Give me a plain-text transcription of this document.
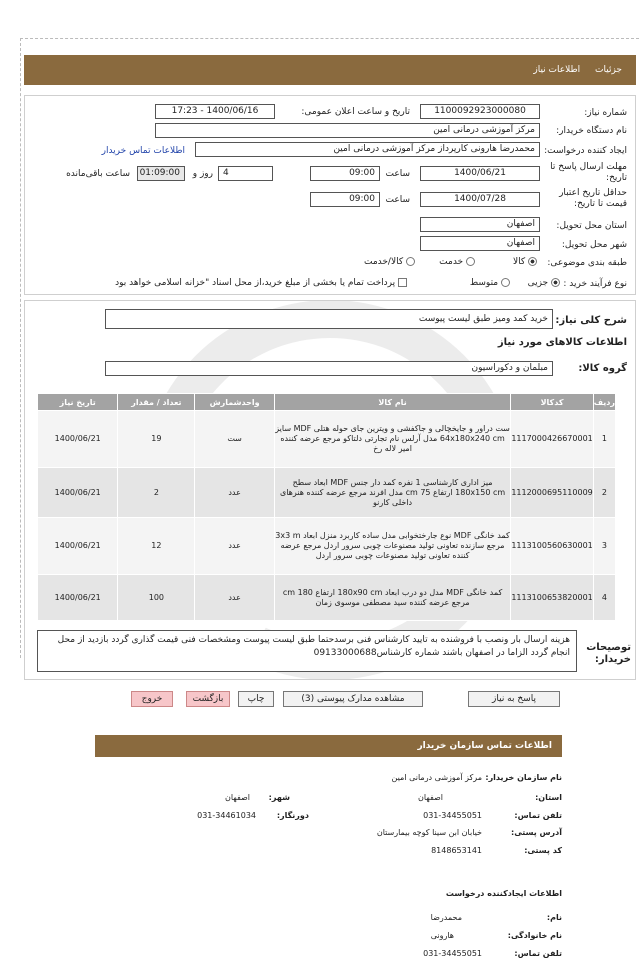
جزئیات اطلاعات نیاز
شماره نیاز:
1100092923000080
تاریخ و ساعت اعلان عمومی:
1400/06/16 - 17:23
نام دستگاه خریدار:
مرکز آموزشی درمانی امین
ایجاد کننده درخواست:
محمدرضا هارونی کارپرداز مرکز آموزشی درمانی امین
اطلاعات تماس خریدار
مهلت ارسال پاسخ تا تاریخ:
1400/06/21
ساعت
09:00
4
روز و
01:09:00
ساعت باقی‌مانده
حداقل تاریخ اعتبار قیمت تا تاریخ:
1400/07/28
ساعت
09:00
استان محل تحویل:
اصفهان
شهر محل تحویل:
اصفهان
طبقه بندی موضوعی:
کالا
خدمت
کالا/خدمت
نوع فرآیند خرید :
جزیی
متوسط
پرداخت تمام یا بخشی از مبلغ خرید،از محل اسناد "خزانه اسلامی خواهد بود
شرح کلی نیاز:
خرید کمد ومیز طبق لیست پیوست
اطلاعات کالاهای مورد نیاز
گروه کالا:
مبلمان و دکوراسیون
ردیف	کدکالا	نام کالا	واحدشمارش	تعداد / مقدار	تاریخ نیاز
1	1117000426670001	ست دراور و جایخچالی و جاکفشی و ویترین جای حوله هتلی MDF سایز 64x180x240 cm مدل آرلس نام تجارتی دلتاکو مرجع عرضه کننده امیر لاله رخ	ست	19	1400/06/21
2	1112000695110009	میز اداری کارشناسی 1 نفره کمد دار جنس MDF ابعاد سطح 180x150 cm ارتفاع 75 cm مدل افرند مرجع عرضه کننده هنرهای داخلی کارنو	عدد	2	1400/06/21
3	1113100560630001	کمد خانگی MDF نوع جارختخوابی مدل ساده کاربرد منزل ابعاد 3x3 m مرجع سازنده تعاونی تولید مصنوعات چوبی سرور اردل مرجع عرضه کننده تعاونی تولید مصنوعات چوبی سرور اردل	عدد	12	1400/06/21
4	1113100653820001	کمد خانگی MDF مدل دو درب ابعاد 180x90 cm ارتفاع 180 cm مرجع عرضه کننده سید مصطفی موسوی زمان	عدد	100	1400/06/21
توصیحات خریدار:
هزینه ارسال بار ونصب با فروشنده به تایید کارشناس فنی برسدحتما طبق لیست پیوست ومشخصات فنی قیمت گذاری گردد بازدید از محل انجام گردد الزاما در اصفهان باشند شماره کارشناس09133000688
پاسخ به نیاز
مشاهده مدارک پیوستی (3)
چاپ
بازگشت
خروج
اطلاعات تماس سازمان خریدار
نام سازمان خریدار:
مرکز آموزشی درمانی امین
استان:
اصفهان
شهر:
اصفهان
تلفن تماس:
031-34455051
دورنگار:
031-34461034
آدرس پستی:
خیابان ابن سینا کوچه بیمارستان
کد پستی:
8148653141
اطلاعات ایجادکننده درخواست
نام:
محمدرضا
نام خانوادگی:
هارونی
تلفن تماس:
031-34455051
